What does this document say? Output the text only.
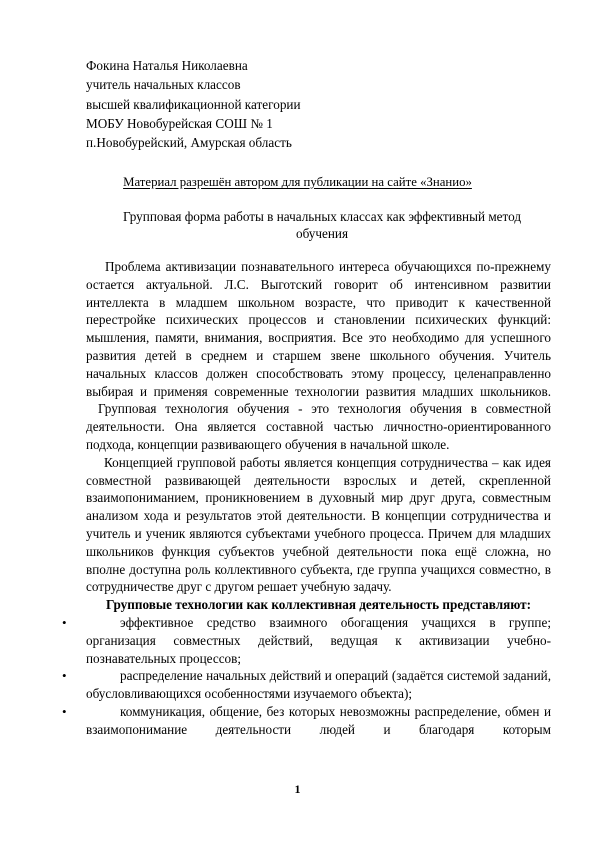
Фокина Наталья Николаевна
учитель начальных классов
высшей квалификационной категории
МОБУ Новобурейская СОШ № 1
п.Новобурейский, Амурская область
Материал разрешён автором для публикации на сайте «Знанио»
Групповая форма работы в начальных классах как эффективный метод обучения

Проблема активизации познавательного интереса обучающихся по-прежнему остается актуальной. Л.С. Выготский говорит об интенсивном развитии интеллекта в младшем школьном возрасте, что приводит к качественной перестройке психических процессов и становлении психических функций: мышления, памяти, внимания, восприятия. Все это необходимо для успешного развития детей в среднем и старшем звене школьного обучения. Учитель начальных классов должен способствовать этому процессу, целенаправленно выбирая и применяя современные технологии развития младших школьников.

Групповая технология обучения - это технология обучения в совместной деятельности. Она является составной частью личностно-ориентированного подхода, концепции развивающего обучения в начальной школе.

Концепцией групповой работы является концепция сотрудничества – как идея совместной развивающей деятельности взрослых и детей, скрепленной взаимопониманием, проникновением в духовный мир друг друга, совместным анализом хода и результатов этой деятельности. В концепции сотрудничества и учитель и ученик являются субъектами учебного процесса. Причем для младших школьников функция субъектов учебной деятельности пока ещё сложна, но вполне доступна роль коллективного субъекта, где группа учащихся совместно, в сотрудничестве друг с другом решает учебную задачу.

Групповые технологии как коллективная деятельность представляют:

•	эффективное средство взаимного обогащения учащихся в группе; организация совместных действий, ведущая к активизации учебно-познавательных процессов;
•	распределение начальных действий и операций (задаётся системой заданий, обусловливающихся особенностями изучаемого объекта);
•	коммуникация, общение, без которых невозможны распределение, обмен и взаимопонимание деятельности людей и благодаря которым
1
